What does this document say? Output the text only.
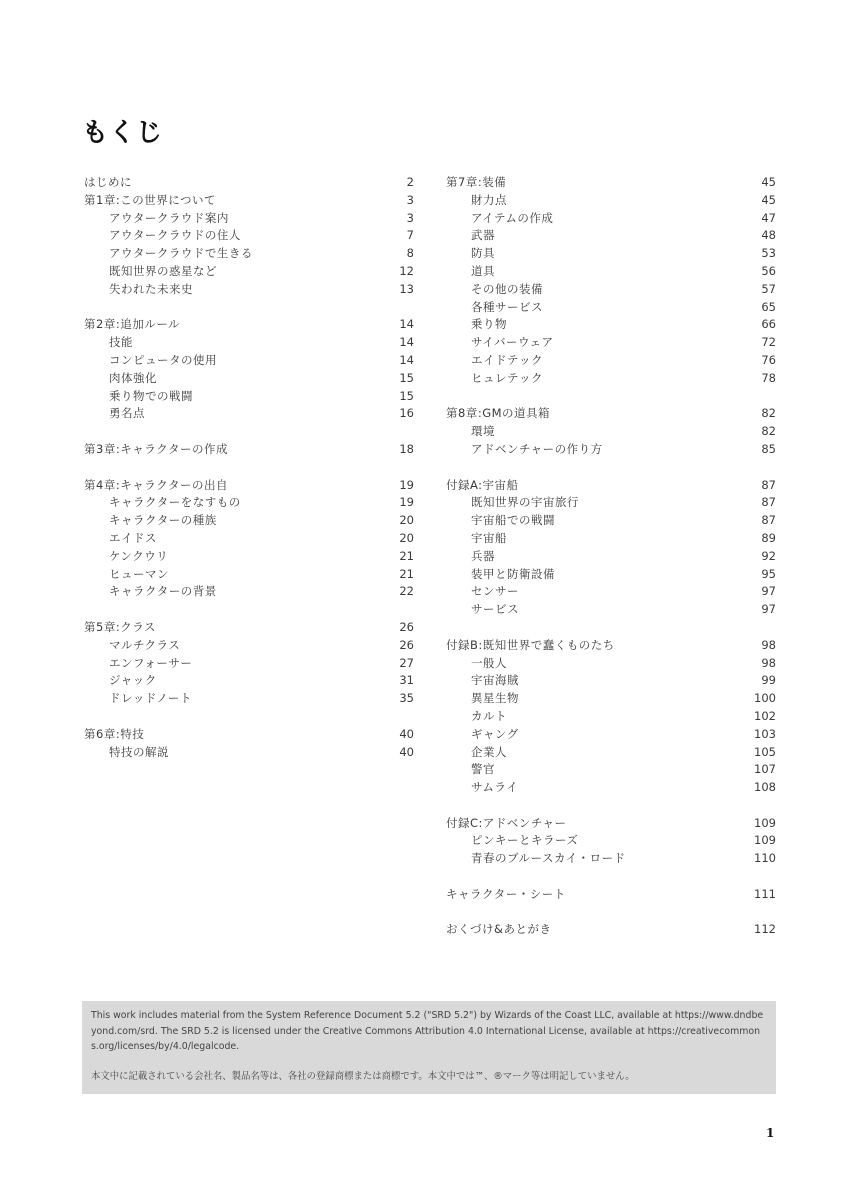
もくじ
はじめに	2
第1章:この世界について	3
アウタークラウド案内	3
アウタークラウドの住人	7
アウタークラウドで生きる	8
既知世界の惑星など	12
失われた未来史	13
第2章:追加ルール	14
技能	14
コンピュータの使用	14
肉体強化	15
乗り物での戦闘	15
勇名点	16
第3章:キャラクターの作成	18
第4章:キャラクターの出自	19
キャラクターをなすもの	19
キャラクターの種族	20
エイドス	20
ケンクウリ	21
ヒューマン	21
キャラクターの背景	22
第5章:クラス	26
マルチクラス	26
エンフォーサー	27
ジャック	31
ドレッドノート	35
第6章:特技	40
特技の解説	40
第7章:装備	45
財力点	45
アイテムの作成	47
武器	48
防具	53
道具	56
その他の装備	57
各種サービス	65
乗り物	66
サイバーウェア	72
エイドテック	76
ヒュレテック	78
第8章:GMの道具箱	82
環境	82
アドベンチャーの作り方	85
付録A:宇宙船	87
既知世界の宇宙旅行	87
宇宙船での戦闘	87
宇宙船	89
兵器	92
装甲と防衛設備	95
センサー	97
サービス	97
付録B:既知世界で蠢くものたち	98
一般人	98
宇宙海賊	99
異星生物	100
カルト	102
ギャング	103
企業人	105
警官	107
サムライ	108
付録C:アドベンチャー	109
ピンキーとキラーズ	109
青春のブルースカイ・ロード	110
キャラクター・シート	111
おくづけ&あとがき	112
This work includes material from the System Reference Document 5.2 ("SRD 5.2") by Wizards of the Coast LLC, available at https://www.dndbeyond.com/srd. The SRD 5.2 is licensed under the Creative Commons Attribution 4.0 International License, available at https://creativecommons.org/licenses/by/4.0/legalcode.
本文中に記載されている会社名、製品名等は、各社の登録商標または商標です。本文中では™、®マーク等は明記していません。
1
